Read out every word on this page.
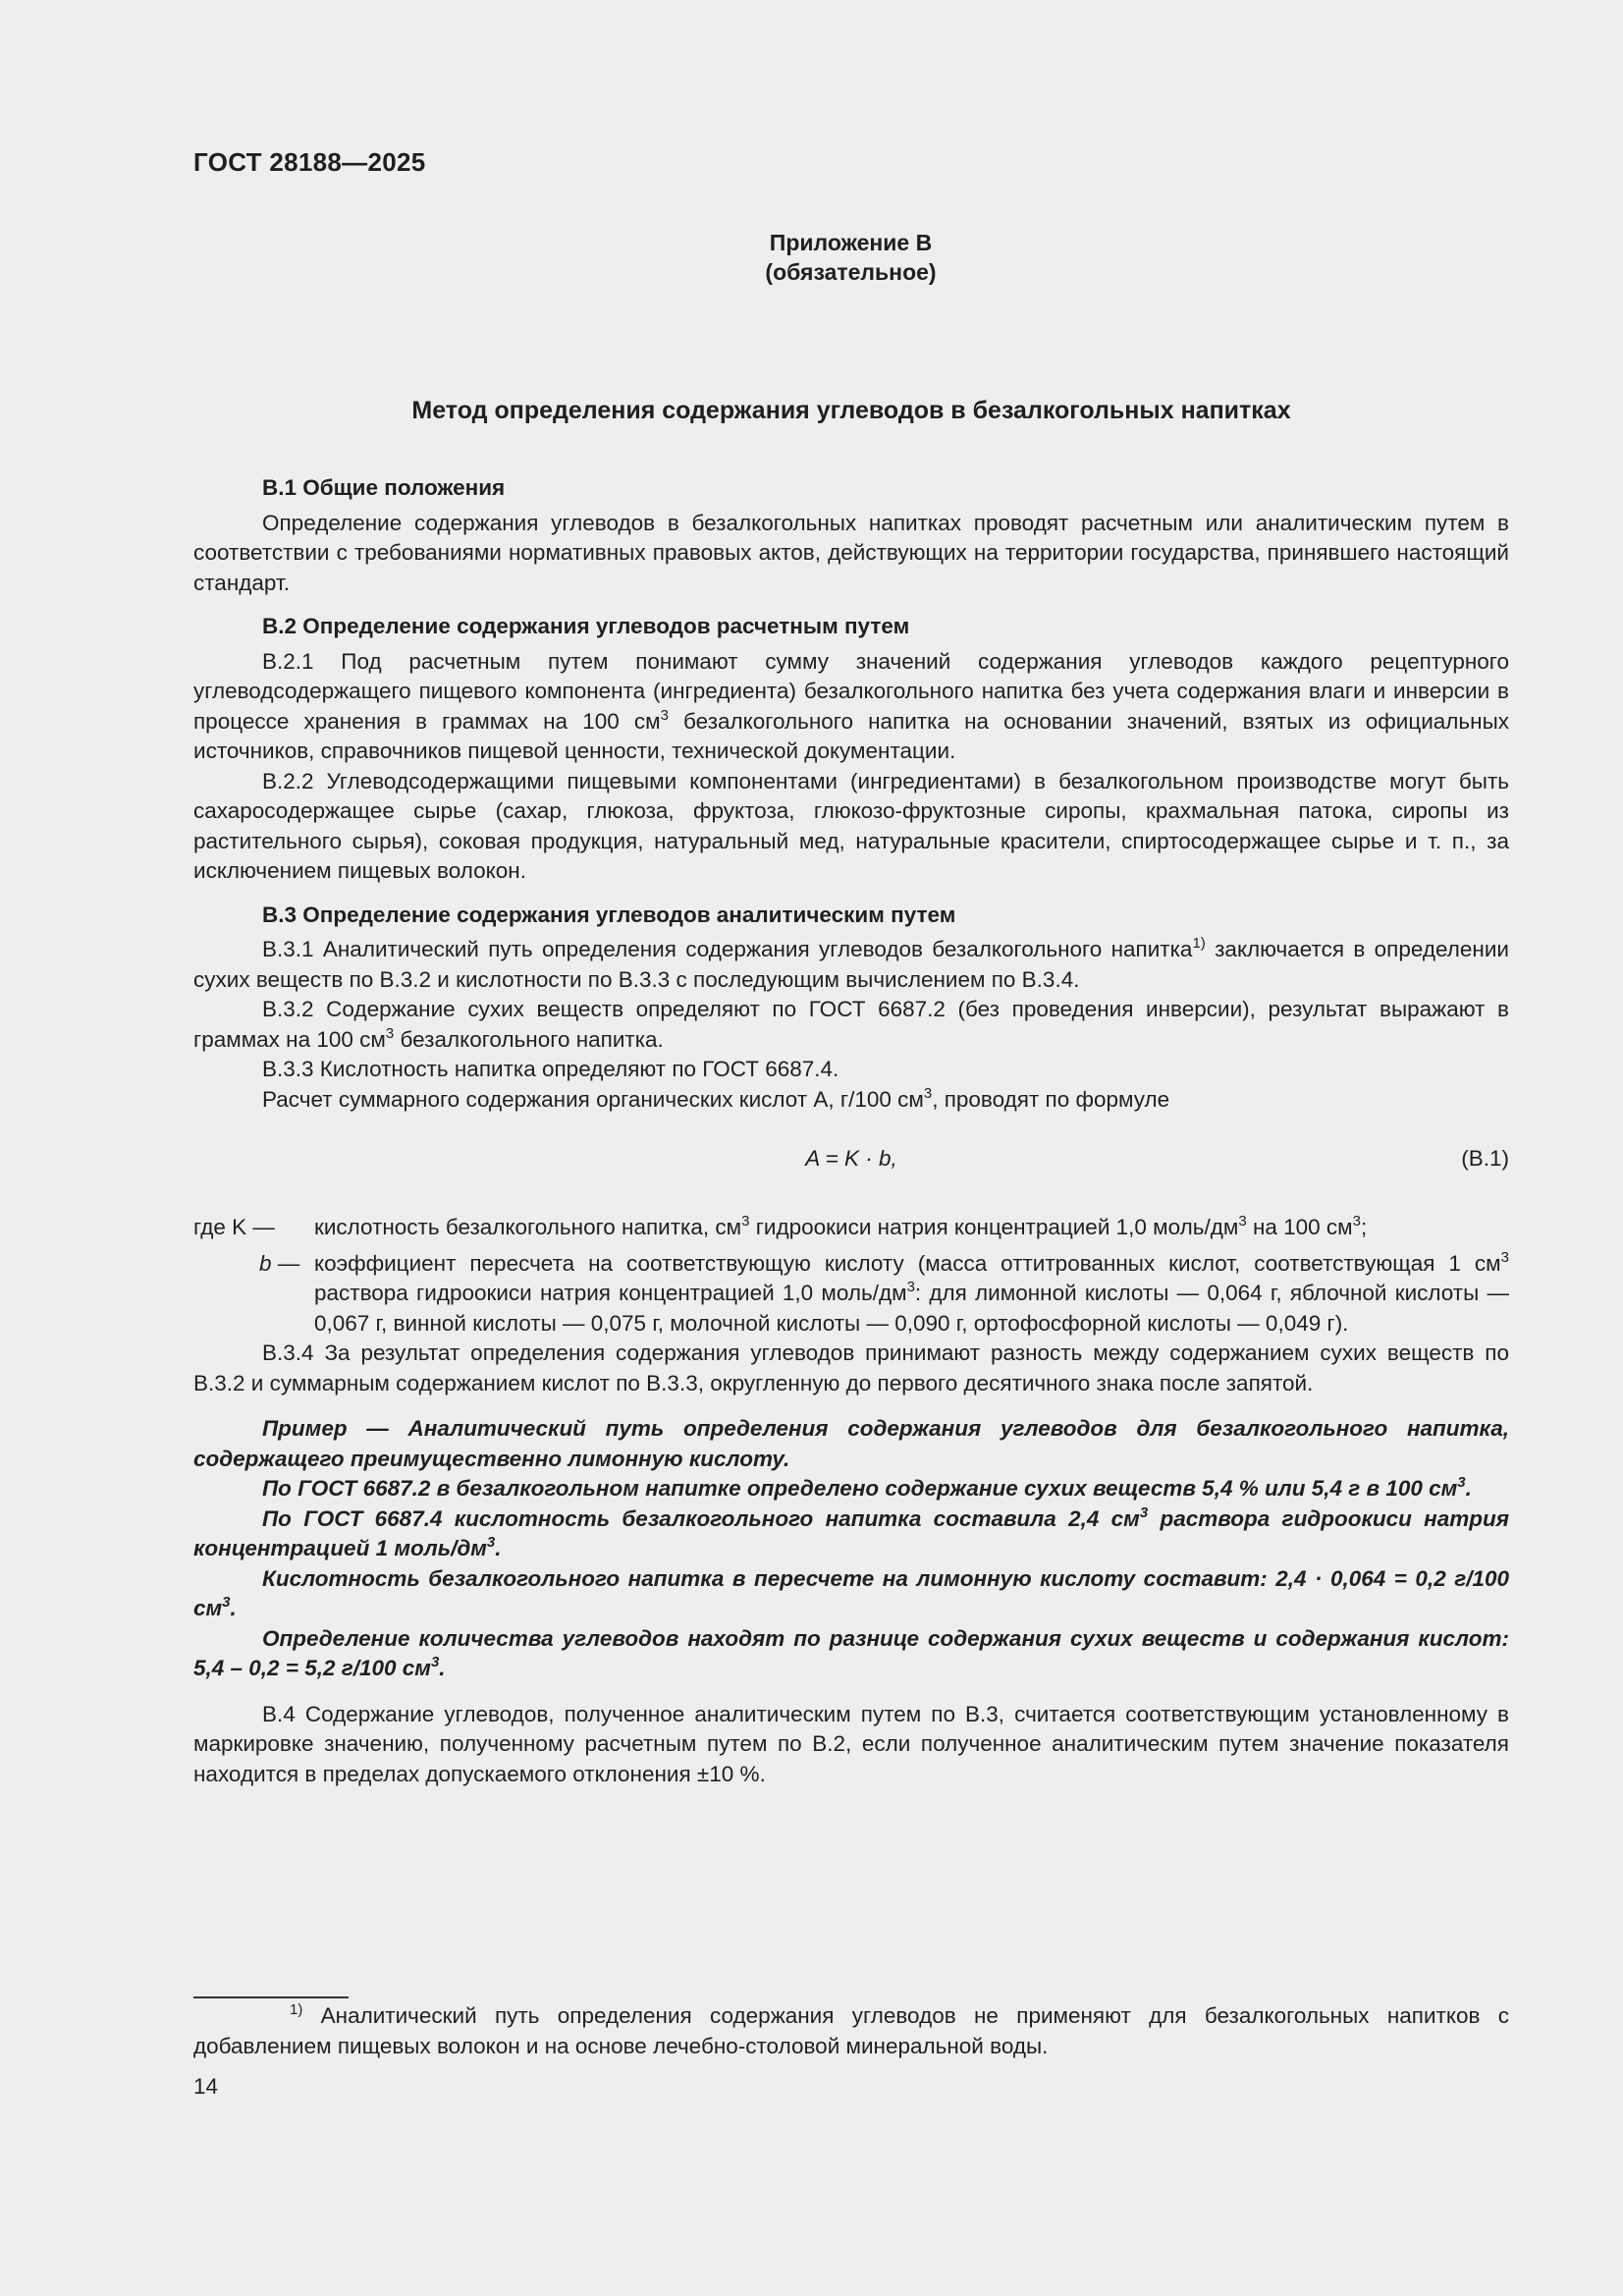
ГОСТ 28188—2025
Приложение В
(обязательное)
Метод определения содержания углеводов в безалкогольных напитках
В.1 Общие положения

Определение содержания углеводов в безалкогольных напитках проводят расчетным или аналитическим путем в соответствии с требованиями нормативных правовых актов, действующих на территории государства, принявшего настоящий стандарт.

В.2 Определение содержания углеводов расчетным путем

В.2.1 Под расчетным путем понимают сумму значений содержания углеводов каждого рецептурного углеводсодержащего пищевого компонента (ингредиента) безалкогольного напитка без учета содержания влаги и инверсии в процессе хранения в граммах на 100 $см^3$ безалкогольного напитка на основании значений, взятых из официальных источников, справочников пищевой ценности, технической документации.

В.2.2 Углеводсодержащими пищевыми компонентами (ингредиентами) в безалкогольном производстве могут быть сахаросодержащее сырье (сахар, глюкоза, фруктоза, глюкозо-фруктозные сиропы, крахмальная патока, сиропы из растительного сырья), соковая продукция, натуральный мед, натуральные красители, спиртосодержащее сырье и т. п., за исключением пищевых волокон.

В.3 Определение содержания углеводов аналитическим путем

В.3.1 Аналитический путь определения содержания углеводов безалкогольного напитка$^{1)}$ заключается в определении сухих веществ по В.3.2 и кислотности по В.3.3 с последующим вычислением по В.3.4.

В.3.2 Содержание сухих веществ определяют по ГОСТ 6687.2 (без проведения инверсии), результат выражают в граммах на 100 $см^3$ безалкогольного напитка.

В.3.3 Кислотность напитка определяют по ГОСТ 6687.4.

Расчет суммарного содержания органических кислот А, г/100 $см^3$, проводят по формуле

A = K · b,	(В.1)
где K — кислотность безалкогольного напитка, $см^3$ гидроокиси натрия концентрацией 1,0 моль/$дм^3$ на 100 $см^3$;
b — коэффициент пересчета на соответствующую кислоту (масса оттитрованных кислот, соответствующая 1 $см^3$ раствора гидроокиси натрия концентрацией 1,0 моль/$дм^3$: для лимонной кислоты — 0,064 г, яблочной кислоты — 0,067 г, винной кислоты — 0,075 г, молочной кислоты — 0,090 г, ортофосфорной кислоты — 0,049 г).

В.3.4 За результат определения содержания углеводов принимают разность между содержанием сухих веществ по В.3.2 и суммарным содержанием кислот по В.3.3, округленную до первого десятичного знака после запятой.

Пример — Аналитический путь определения содержания углеводов для безалкогольного напитка, содержащего преимущественно лимонную кислоту.

По ГОСТ 6687.2 в безалкогольном напитке определено содержание сухих веществ 5,4 % или 5,4 г в 100 $см^3$.

По ГОСТ 6687.4 кислотность безалкогольного напитка составила 2,4 $см^3$ раствора гидроокиси натрия концентрацией 1 моль/$дм^3$.

Кислотность безалкогольного напитка в пересчете на лимонную кислоту составит: 2,4 · 0,064 = 0,2 г/100 $см^3$.

Определение количества углеводов находят по разнице содержания сухих веществ и содержания кислот: 5,4 – 0,2 = 5,2 г/100 $см^3$.

В.4 Содержание углеводов, полученное аналитическим путем по В.3, считается соответствующим установленному в маркировке значению, полученному расчетным путем по В.2, если полученное аналитическим путем значение показателя находится в пределах допускаемого отклонения ±10 %.

$^{1)}$ Аналитический путь определения содержания углеводов не применяют для безалкогольных напитков с добавлением пищевых волокон и на основе лечебно-столовой минеральной воды.
14
